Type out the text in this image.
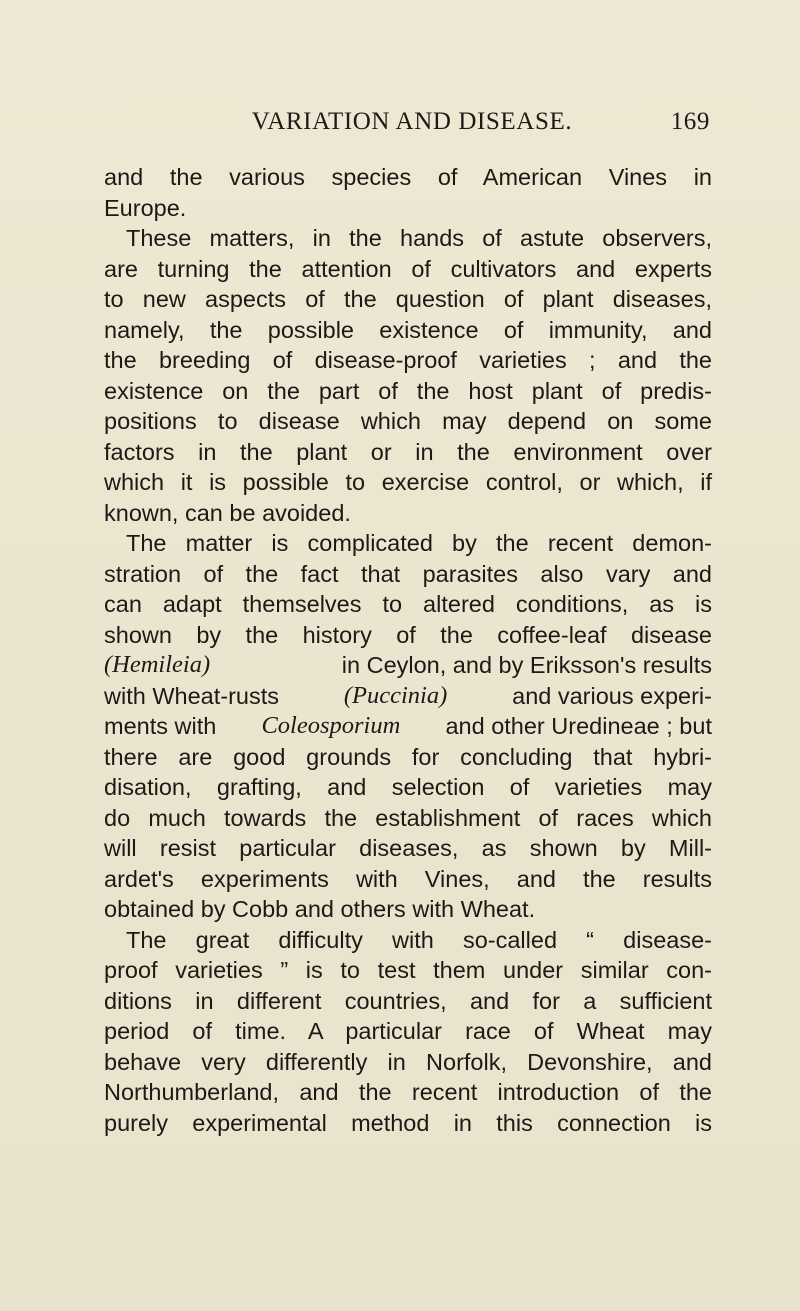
VARIATION AND DISEASE.	169
and the various species of American Vines in
Europe.
These matters, in the hands of astute observers,
are turning the attention of cultivators and experts
to new aspects of the question of plant diseases,
namely, the possible existence of immunity, and
the breeding of disease-proof varieties ; and the
existence on the part of the host plant of predis-
positions to disease which may depend on some
factors in the plant or in the environment over
which it is possible to exercise control, or which, if
known, can be avoided.
The matter is complicated by the recent demon-
stration of the fact that parasites also vary and
can adapt themselves to altered conditions, as is
shown by the history of the coffee-leaf disease
(Hemileia)	in Ceylon, and by Eriksson's results
with Wheat-rusts	(Puccinia)	and various experi-
ments with Coleosporium and other Uredineae ; but
there are good grounds for concluding that hybri-
disation, grafting, and selection of varieties may
do much towards the establishment of races which
will resist particular diseases, as shown by Mill-
ardet's experiments with Vines, and the results
obtained by Cobb and others with Wheat.
The great difficulty with so-called “ disease-
proof varieties ” is to test them under similar con-
ditions in different countries, and for a sufficient
period of time. A particular race of Wheat may
behave very differently in Norfolk, Devonshire, and
Northumberland, and the recent introduction of the
purely experimental method in this connection is
